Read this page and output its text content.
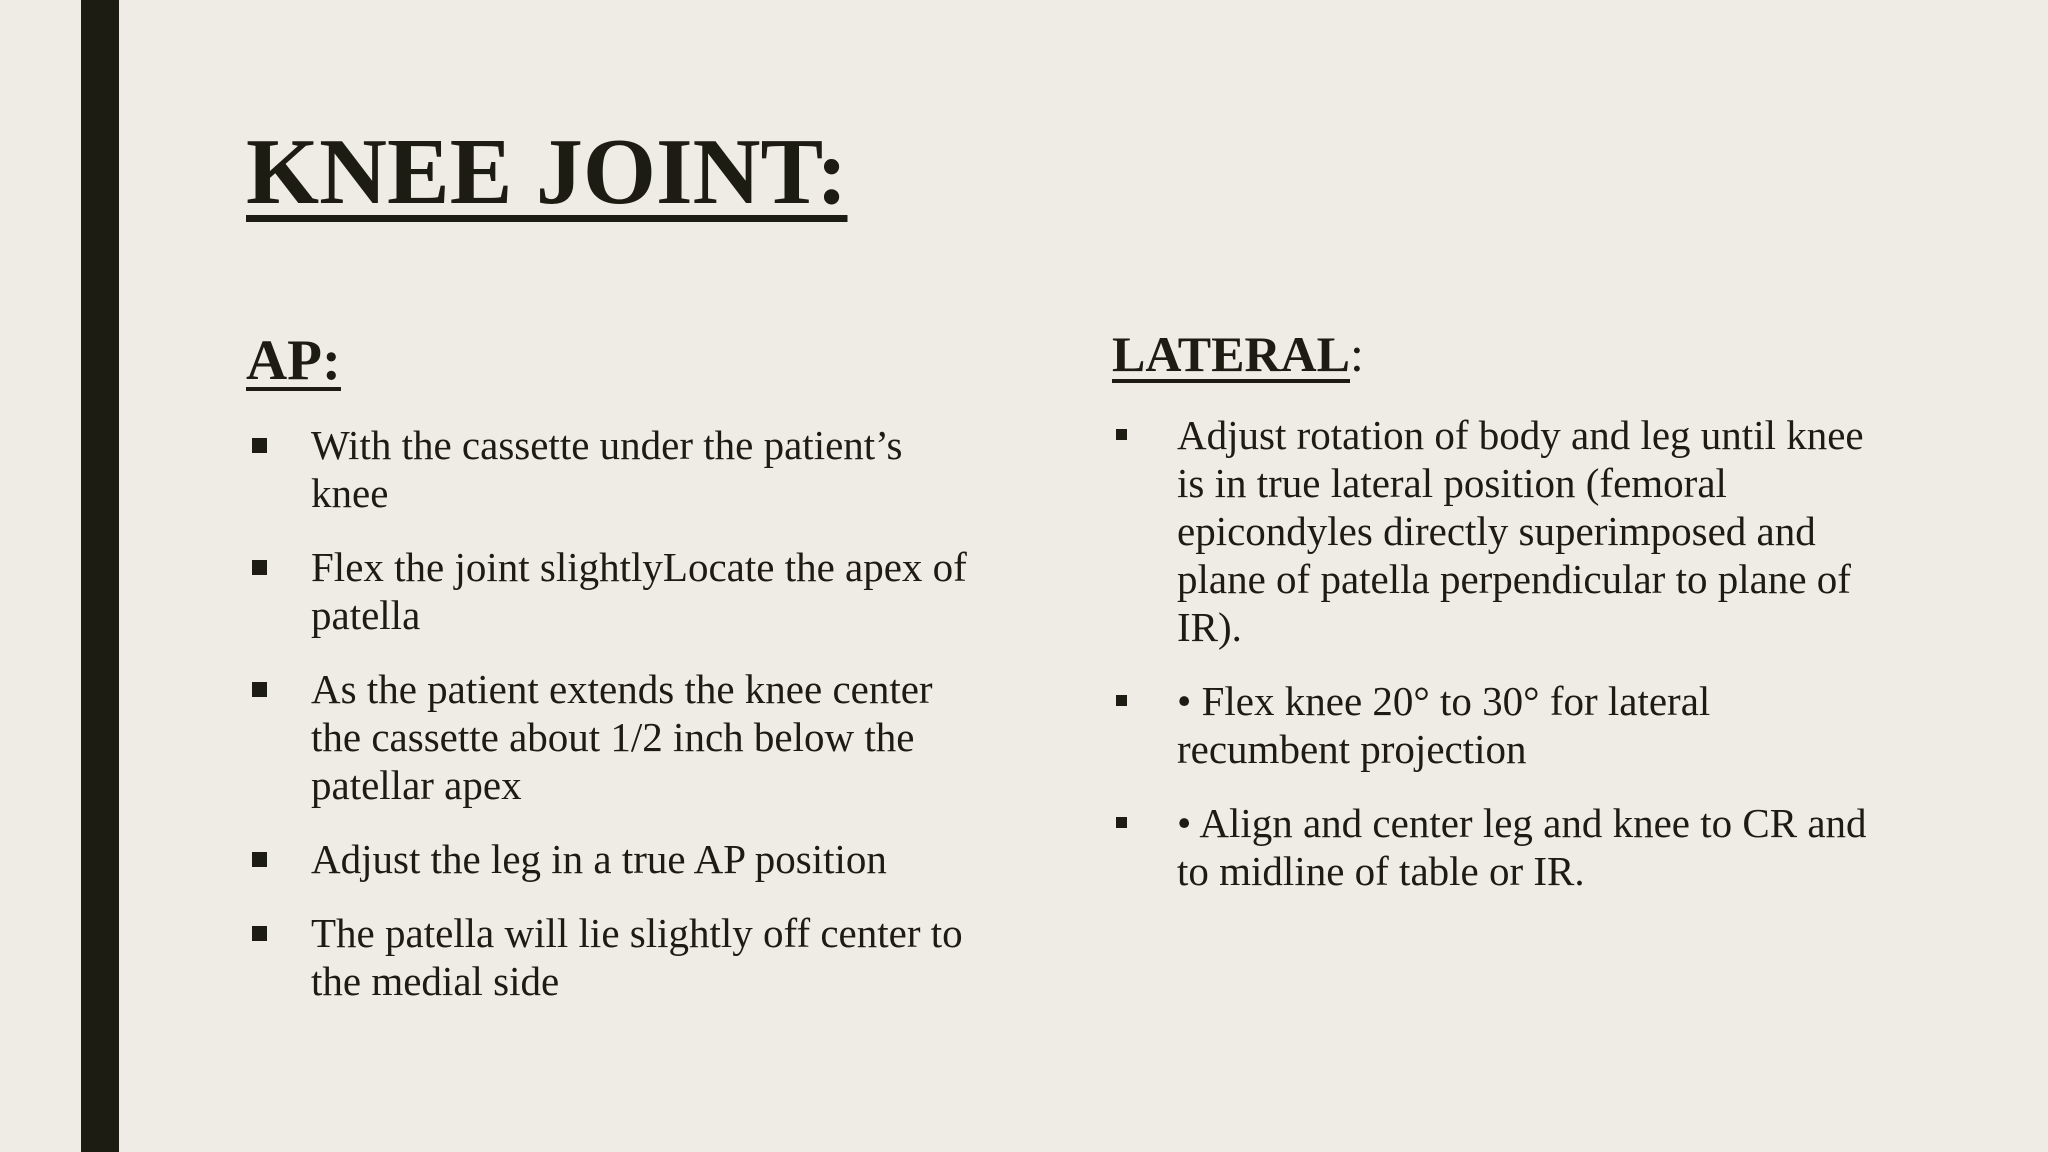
KNEE JOINT:
AP:	LATERAL:
With the cassette under the patient’s knee
Flex the joint slightlyLocate the apex of patella
As the patient extends the knee center the cassette about 1/2 inch below the patellar apex
Adjust the leg in a true AP position
The patella will lie slightly off center to the medial side
Adjust rotation of body and leg until knee is in true lateral position (femoral epicondyles directly superimposed and plane of patella perpendicular to plane of IR).
• Flex knee 20° to 30° for lateral recumbent projection
• Align and center leg and knee to CR and to midline of table or IR.
